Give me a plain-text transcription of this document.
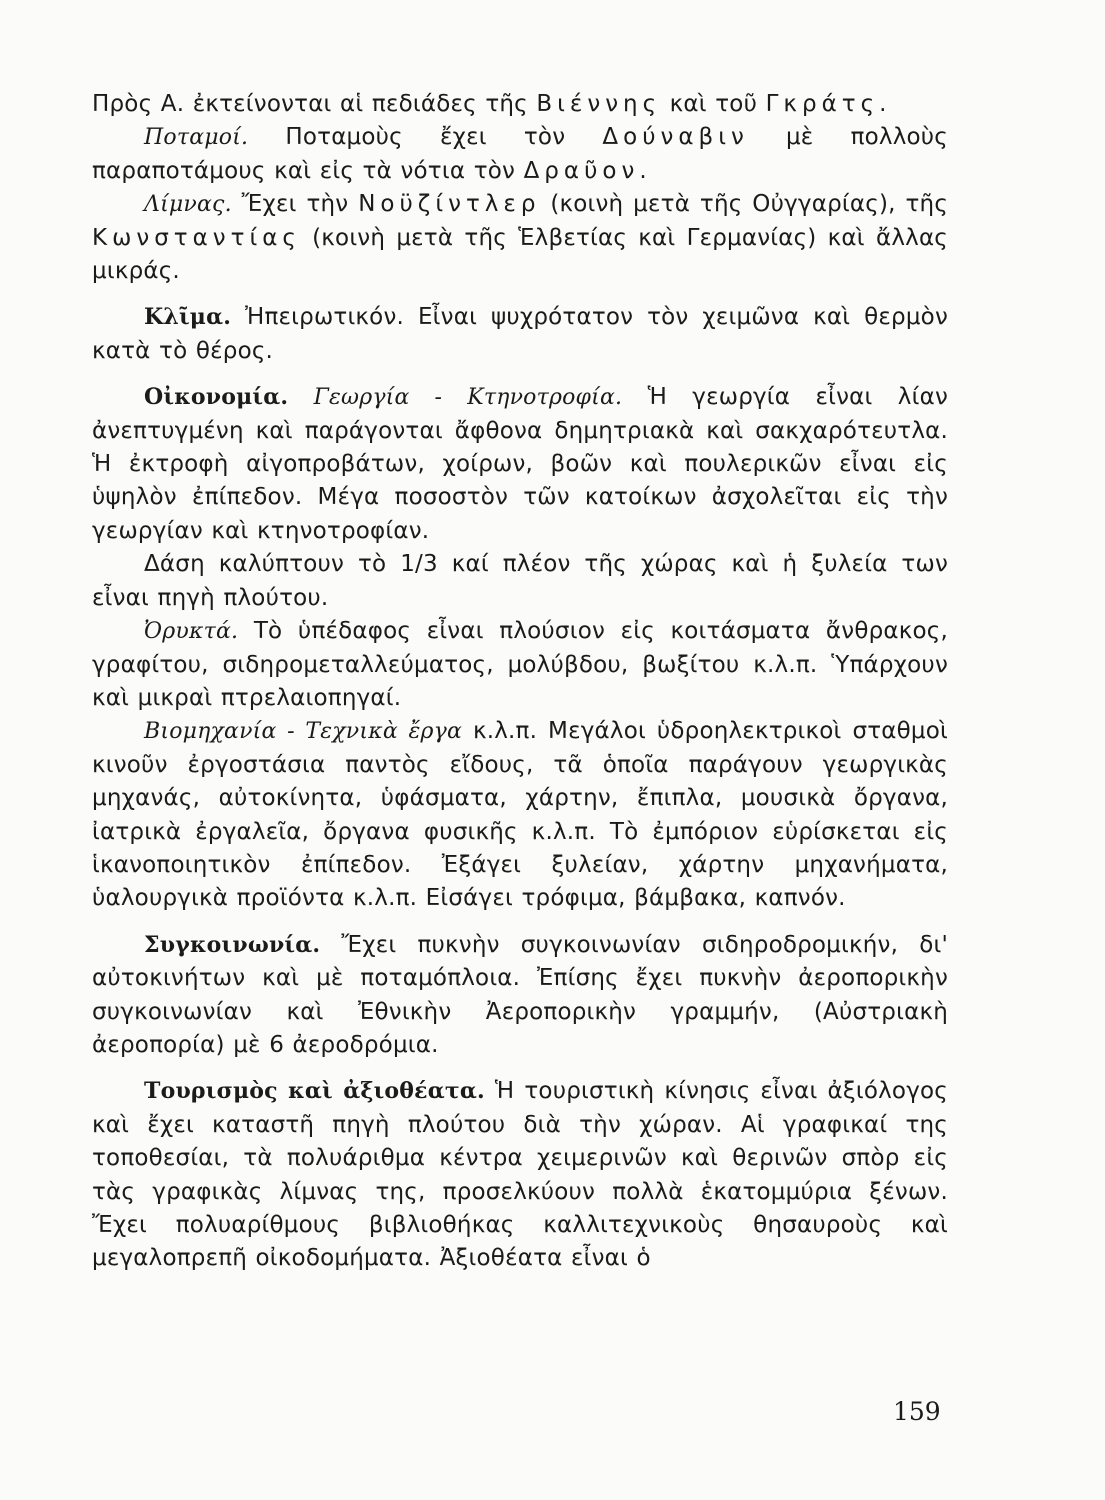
Πρὸς Α. ἐκτείνονται αἱ πεδιάδες τῆς Βιέννης καὶ τοῦ Γκράτς.

Ποταμοί. Ποταμοὺς ἔχει τὸν Δούναβιν μὲ πολλοὺς παραποτάμους καὶ εἰς τὰ νότια τὸν Δραῦον.

Λίμνας. Ἔχει τὴν Νοϋζίντλερ (κοινὴ μετὰ τῆς Οὐγγαρίας), τῆς Κωνσταντίας (κοινὴ μετὰ τῆς Ἑλβετίας καὶ Γερμανίας) καὶ ἄλλας μικράς.

Κλῖμα. Ἠπειρωτικόν. Εἶναι ψυχρότατον τὸν χειμῶνα καὶ θερμὸν κατὰ τὸ θέρος.

Οἰκονομία. Γεωργία - Κτηνοτροφία. Ἡ γεωργία εἶναι λίαν ἀνεπτυγμένη καὶ παράγονται ἄφθονα δημητριακὰ καὶ σακχαρότευτλα. Ἡ ἐκτροφὴ αἰγοπροβάτων, χοίρων, βοῶν καὶ πουλερικῶν εἶναι εἰς ὑψηλὸν ἐπίπεδον. Μέγα ποσοστὸν τῶν κατοίκων ἀσχολεῖται εἰς τὴν γεωργίαν καὶ κτηνοτροφίαν.

Δάση καλύπτουν τὸ 1/3 καί πλέον τῆς χώρας καὶ ἡ ξυλεία των εἶναι πηγὴ πλούτου.

Ὀρυκτά. Τὸ ὑπέδαφος εἶναι πλούσιον εἰς κοιτάσματα ἄνθρακος, γραφίτου, σιδηρομεταλλεύματος, μολύβδου, βωξίτου κ.λ.π. Ὑπάρχουν καὶ μικραὶ πτρελαιοπηγαί.

Βιομηχανία - Τεχνικὰ ἔργα κ.λ.π. Μεγάλοι ὑδροηλεκτρικοὶ σταθμοὶ κινοῦν ἐργοστάσια παντὸς εἴδους, τᾶ ὁποῖα παράγουν γεωργικὰς μηχανάς, αὐτοκίνητα, ὑφάσματα, χάρτην, ἔπιπλα, μουσικὰ ὄργανα, ἰατρικὰ ἐργαλεῖα, ὄργανα φυσικῆς κ.λ.π. Τὸ ἐμπόριον εὑρίσκεται εἰς ἱκανοποιητικὸν ἐπίπεδον. Ἐξάγει ξυλείαν, χάρτην μηχανήματα, ὑαλουργικὰ προϊόντα κ.λ.π. Εἰσάγει τρόφιμα, βάμβακα, καπνόν.

Συγκοινωνία. Ἔχει πυκνὴν συγκοινωνίαν σιδηροδρομικήν, δι' αὐτοκινήτων καὶ μὲ ποταμόπλοια. Ἐπίσης ἔχει πυκνὴν ἀεροπορικὴν συγκοινωνίαν καὶ Ἐθνικὴν Ἀεροπορικὴν γραμμήν, (Αὐστριακὴ ἀεροπορία) μὲ 6 ἀεροδρόμια.

Τουρισμὸς καὶ ἀξιοθέατα. Ἡ τουριστικὴ κίνησις εἶναι ἀξιόλογος καὶ ἔχει καταστῆ πηγὴ πλούτου διὰ τὴν χώραν. Αἱ γραφικαί της τοποθεσίαι, τὰ πολυάριθμα κέντρα χειμερινῶν καὶ θερινῶν σπὸρ εἰς τὰς γραφικὰς λίμνας της, προσελκύουν πολλὰ ἑκατομμύρια ξένων. Ἔχει πολυαρίθμους βιβλιοθήκας καλλιτεχνικοὺς θησαυροὺς καὶ μεγαλοπρεπῆ οἰκοδομήματα. Ἀξιοθέατα εἶναι ὁ

159
